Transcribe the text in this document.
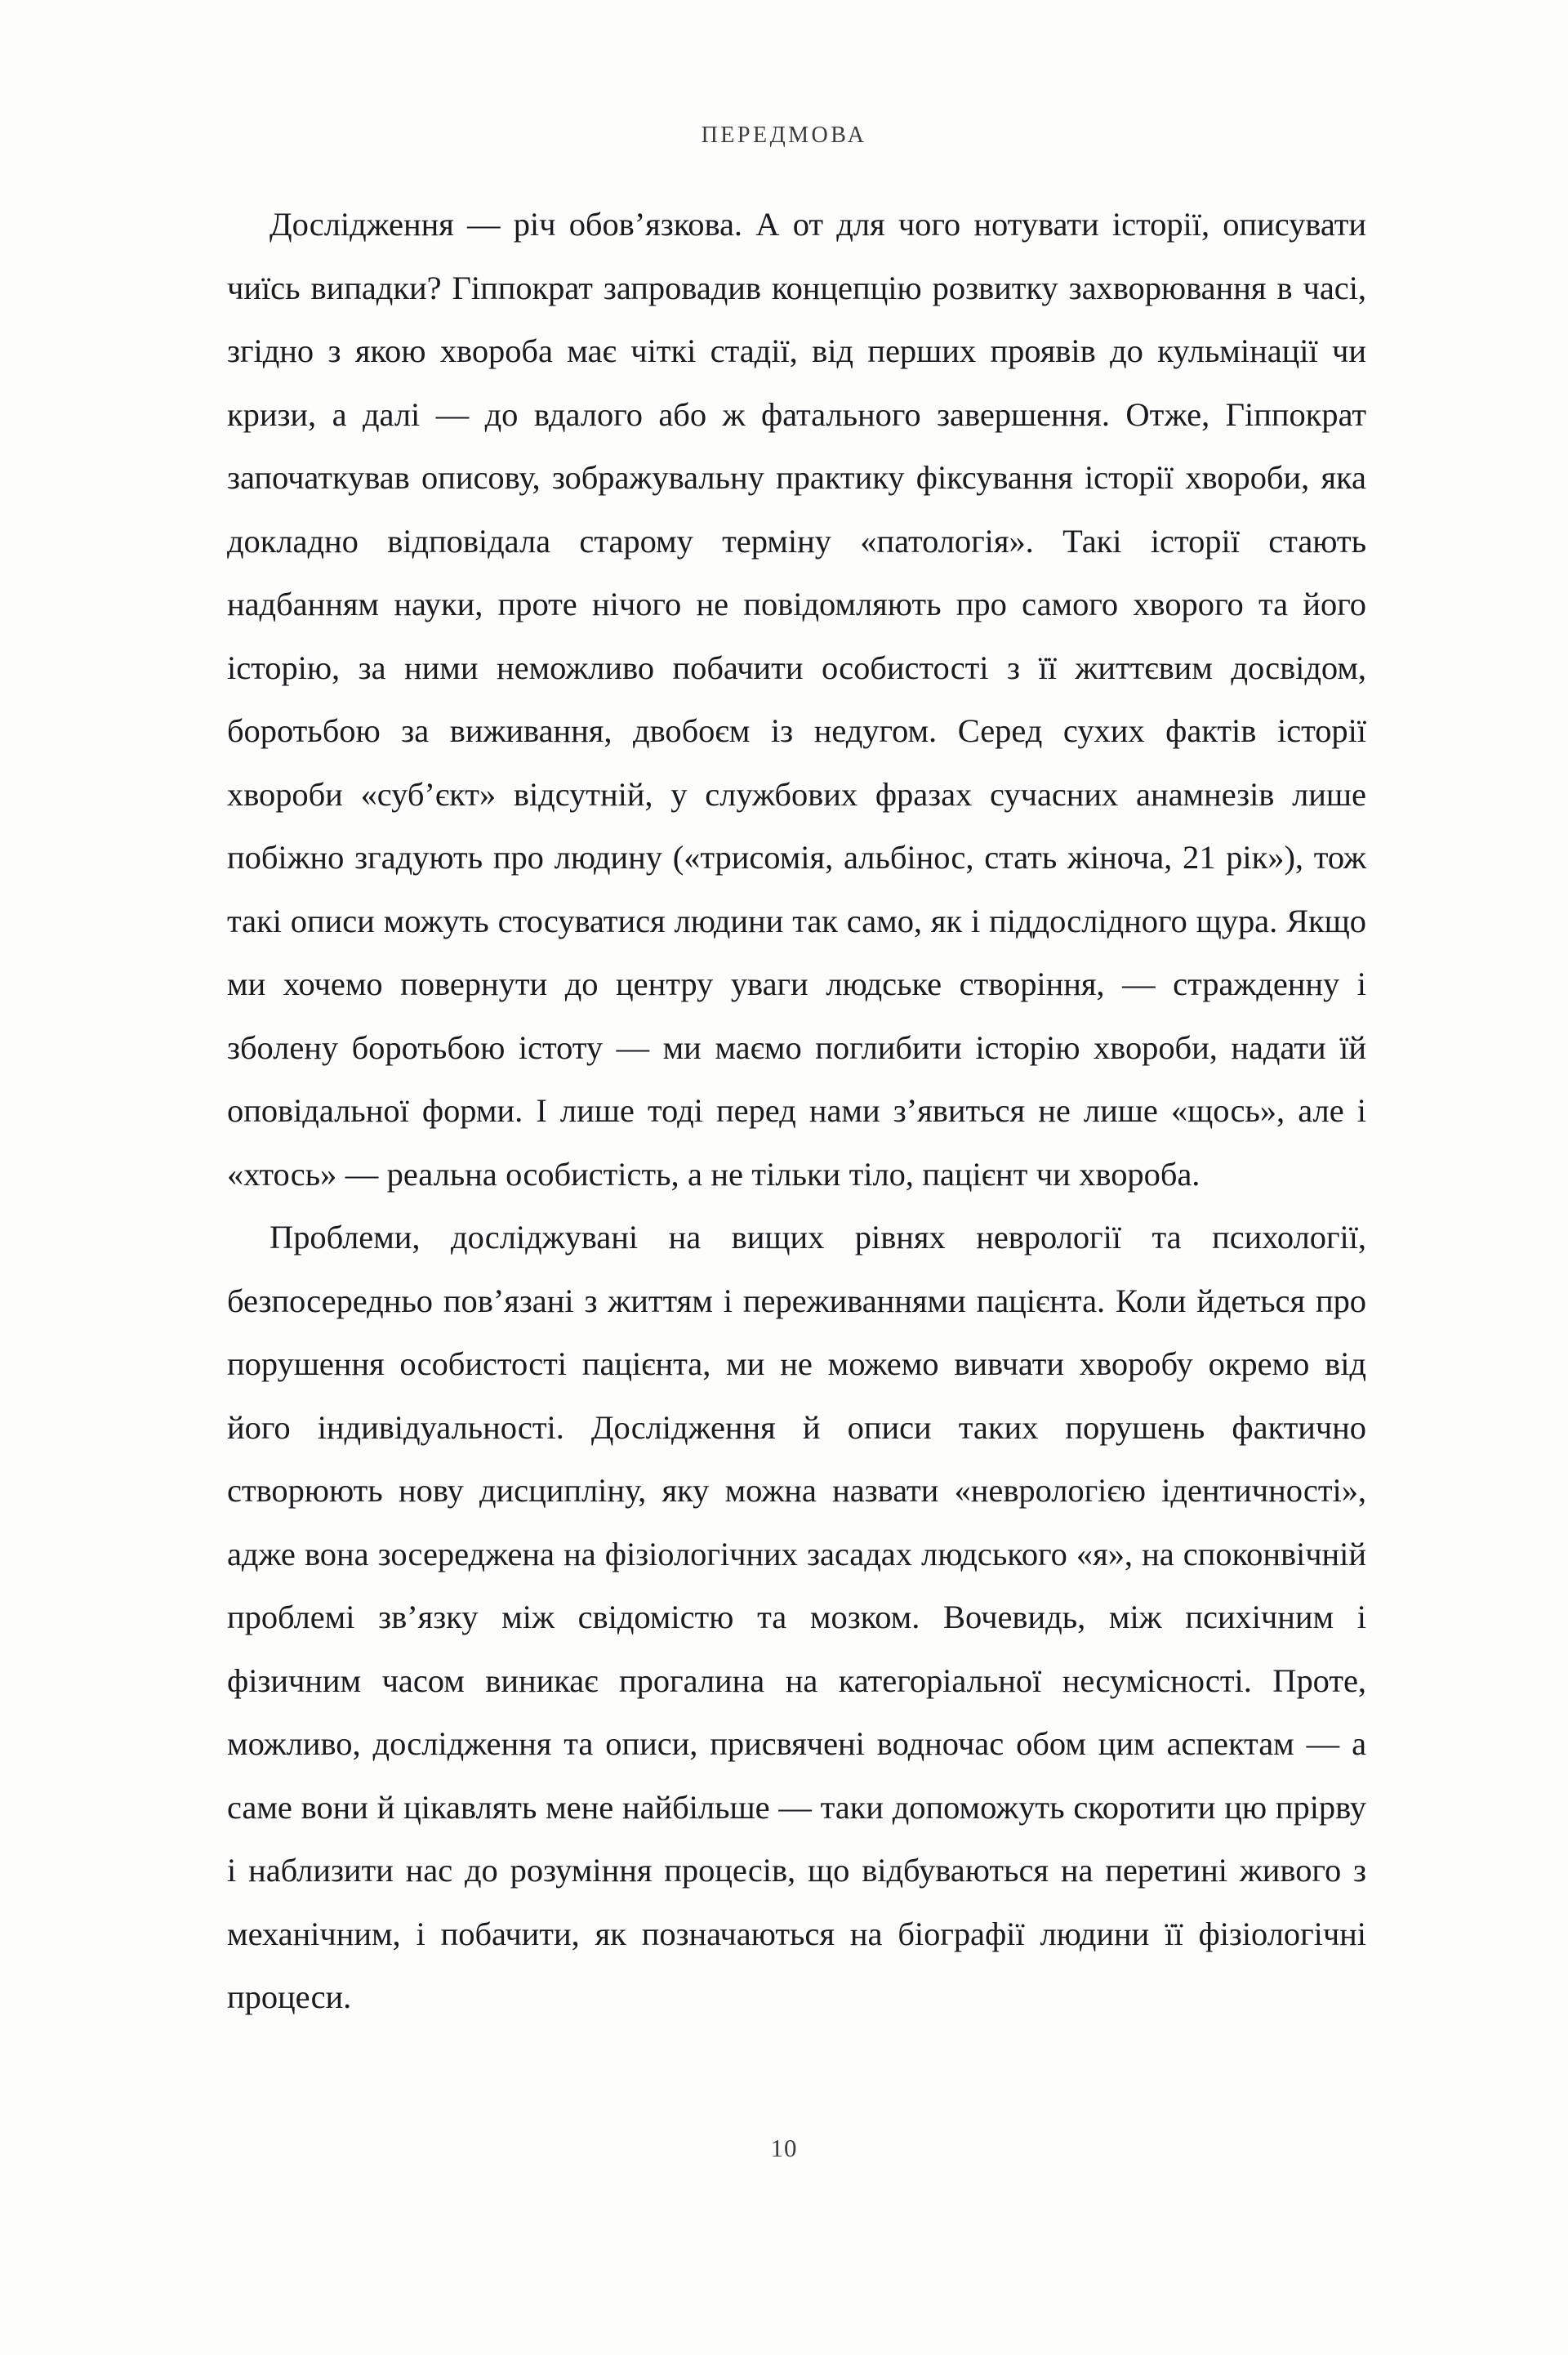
ПЕРЕДМОВА

Дослідження — річ обов’язкова. А от для чого нотувати історії, описувати чиїсь випадки? Гіппократ запровадив концепцію розвитку захворювання в часі, згідно з якою хвороба має чіткі стадії, від перших проявів до кульмінації чи кризи, а далі — до вдалого або ж фатального завершення. Отже, Гіппократ започаткував описову, зображувальну практику фіксування історії хвороби, яка докладно відповідала старому терміну «патологія». Такі історії стають надбанням науки, проте нічого не повідомляють про самого хворого та його історію, за ними неможливо побачити особистості з її життєвим досвідом, боротьбою за виживання, двобоєм із недугом. Серед сухих фактів історії хвороби «суб’єкт» відсутній, у службових фразах сучасних анамнезів лише побіжно згадують про людину («трисомія, альбінос, стать жіноча, 21 рік»), тож такі описи можуть стосуватися людини так само, як і піддослідного щура. Якщо ми хочемо повернути до центру уваги людське створіння, — стражденну і зболену боротьбою істоту — ми маємо поглибити історію хвороби, надати їй оповідальної форми. І лише тоді перед нами з’явиться не лише «щось», але і «хтось» — реальна особистість, а не тільки тіло, пацієнт чи хвороба.

Проблеми, досліджувані на вищих рівнях неврології та психології, безпосередньо пов’язані з життям і переживаннями пацієнта. Коли йдеться про порушення особистості пацієнта, ми не можемо вивчати хворобу окремо від його індивідуальності. Дослідження й описи таких порушень фактично створюють нову дисципліну, яку можна назвати «неврологією ідентичності», адже вона зосереджена на фізіологічних засадах людського «я», на споконвічній проблемі зв’язку між свідомістю та мозком. Вочевидь, між психічним і фізичним часом виникає прогалина на категоріальної несумісності. Проте, можливо, дослідження та описи, присвячені водночас обом цим аспектам — а саме вони й цікавлять мене найбільше — таки допоможуть скоротити цю прірву і наблизити нас до розуміння процесів, що відбуваються на перетині живого з механічним, і побачити, як позначаються на біографії людини її фізіологічні процеси.

10
